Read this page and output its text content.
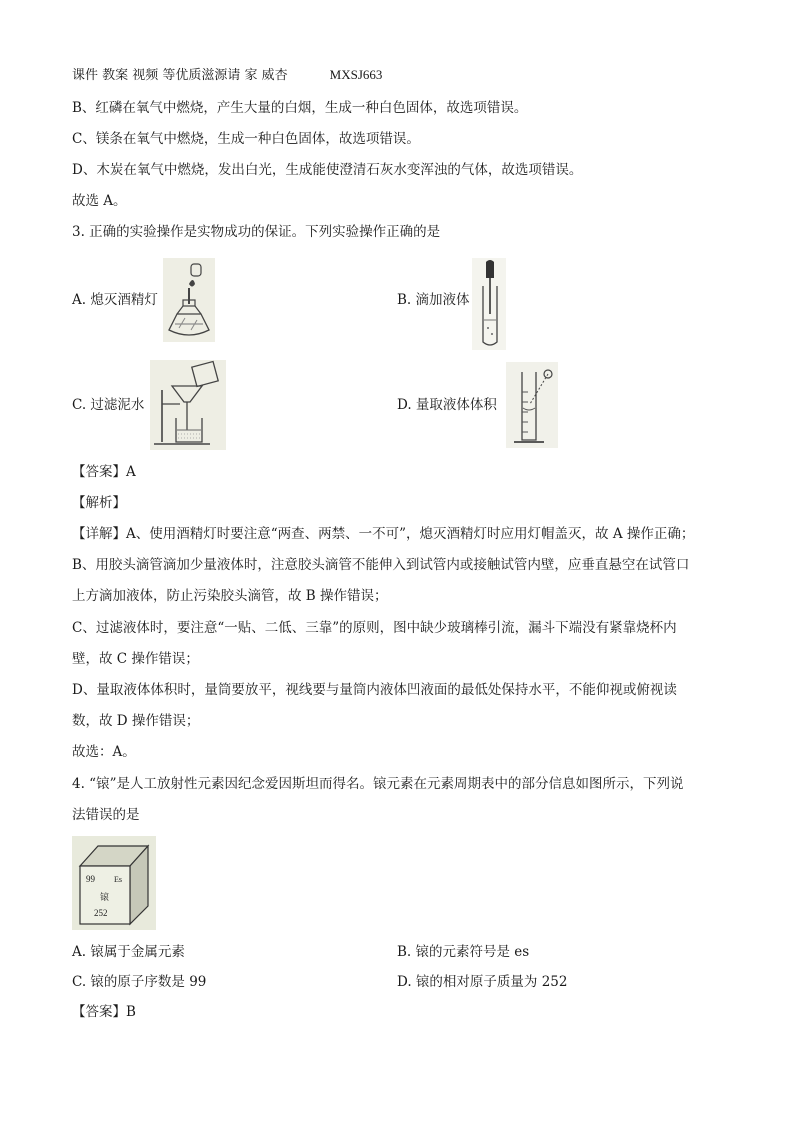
课件 教案 视频 等优质滋源请 家 威杏	MXSJ663
B、红磷在氧气中燃烧，产生大量的白烟，生成一种白色固体，故选项错误。
C、镁条在氧气中燃烧，生成一种白色固体，故选项错误。
D、木炭在氧气中燃烧，发出白光，生成能使澄清石灰水变浑浊的气体，故选项错误。
故选 A。
3. 正确的实验操作是实物成功的保证。下列实验操作正确的是
A. 熄灭酒精灯	B. 滴加液体
C. 过滤泥水	D. 量取液体体积
【答案】A
【解析】
【详解】A、使用酒精灯时要注意“两查、两禁、一不可”，熄灭酒精灯时应用灯帽盖灭，故 A 操作正确；
B、用胶头滴管滴加少量液体时，注意胶头滴管不能伸入到试管内或接触试管内壁，应垂直悬空在试管口
上方滴加液体，防止污染胶头滴管，故 B 操作错误；
C、过滤液体时，要注意“一贴、二低、三靠”的原则，图中缺少玻璃棒引流，漏斗下端没有紧靠烧杯内
壁，故 C 操作错误；
D、量取液体体积时，量筒要放平，视线要与量筒内液体凹液面的最低处保持水平，不能仰视或俯视读
数，故 D 操作错误；
故选：A。
4. “锿”是人工放射性元素因纪念爱因斯坦而得名。锿元素在元素周期表中的部分信息如图所示，下列说
法错误的是
99 Es
锿
252
A. 锿属于金属元素	B. 锿的元素符号是 es
C. 锿的原子序数是 99	D. 锿的相对原子质量为 252
【答案】B
